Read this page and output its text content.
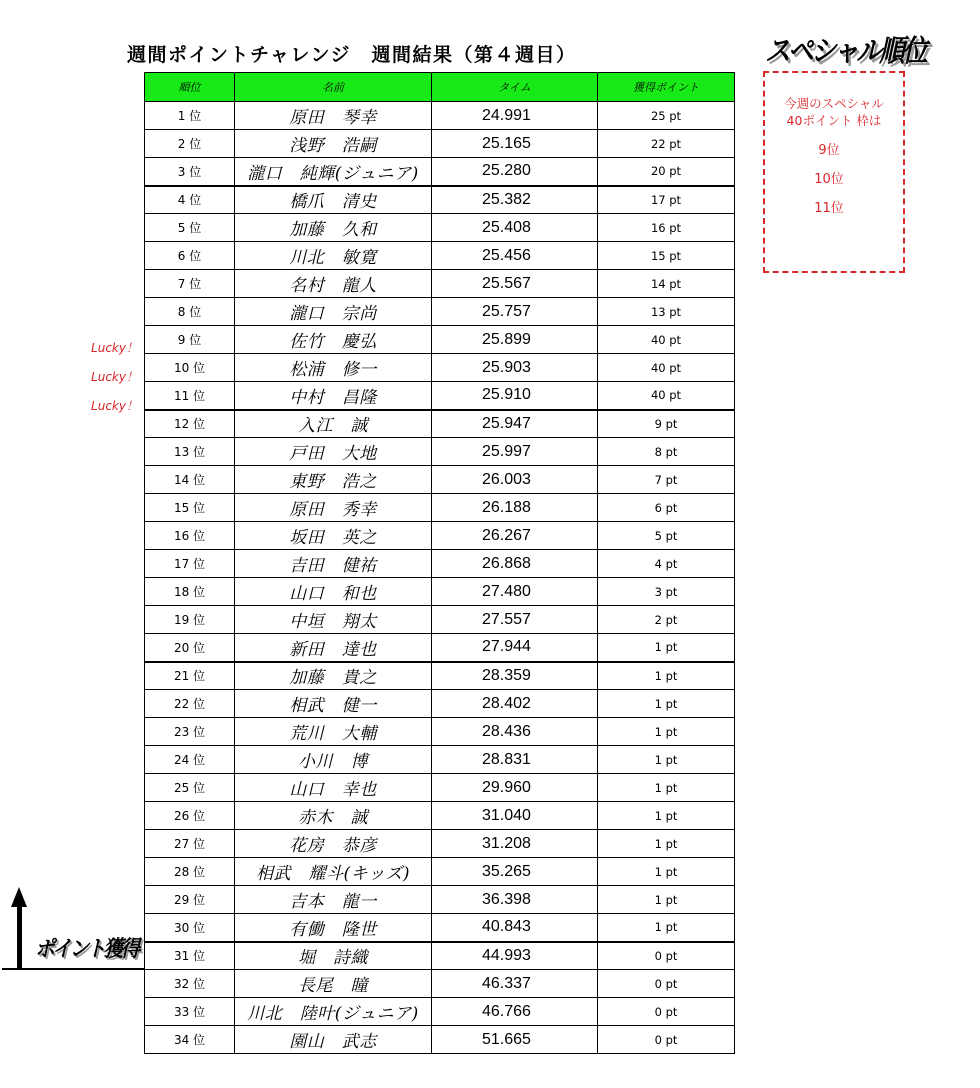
週間ポイントチャレンジ　週間結果（第４週目）	スペシャル順位
今週のスペシャル
40ポイント 枠は
9位
10位
11位
順位	名前	タイム	獲得ポイント
1 位	原田　琴幸	24.991	25 pt
2 位	浅野　浩嗣	25.165	22 pt
3 位	瀧口　純輝(ジュニア)	25.280	20 pt
4 位	橋爪　清史	25.382	17 pt
5 位	加藤　久和	25.408	16 pt
6 位	川北　敏寛	25.456	15 pt
7 位	名村　龍人	25.567	14 pt
8 位	瀧口　宗尚	25.757	13 pt
9 位	佐竹　慶弘	25.899	40 pt
10 位	松浦　修一	25.903	40 pt
11 位	中村　昌隆	25.910	40 pt
12 位	入江　誠	25.947	9 pt
13 位	戸田　大地	25.997	8 pt
14 位	東野　浩之	26.003	7 pt
15 位	原田　秀幸	26.188	6 pt
16 位	坂田　英之	26.267	5 pt
17 位	吉田　健祐	26.868	4 pt
18 位	山口　和也	27.480	3 pt
19 位	中垣　翔太	27.557	2 pt
20 位	新田　達也	27.944	1 pt
21 位	加藤　貴之	28.359	1 pt
22 位	相武　健一	28.402	1 pt
23 位	荒川　大輔	28.436	1 pt
24 位	小川　博	28.831	1 pt
25 位	山口　幸也	29.960	1 pt
26 位	赤木　誠	31.040	1 pt
27 位	花房　恭彦	31.208	1 pt
28 位	相武　耀斗(キッズ)	35.265	1 pt
29 位	吉本　龍一	36.398	1 pt
30 位	有働　隆世	40.843	1 pt
31 位	堀　詩織	44.993	0 pt
32 位	長尾　瞳	46.337	0 pt
33 位	川北　陸叶(ジュニア)	46.766	0 pt
34 位	園山　武志	51.665	0 pt
Lucky！
Lucky！
Lucky！
ポイント獲得
